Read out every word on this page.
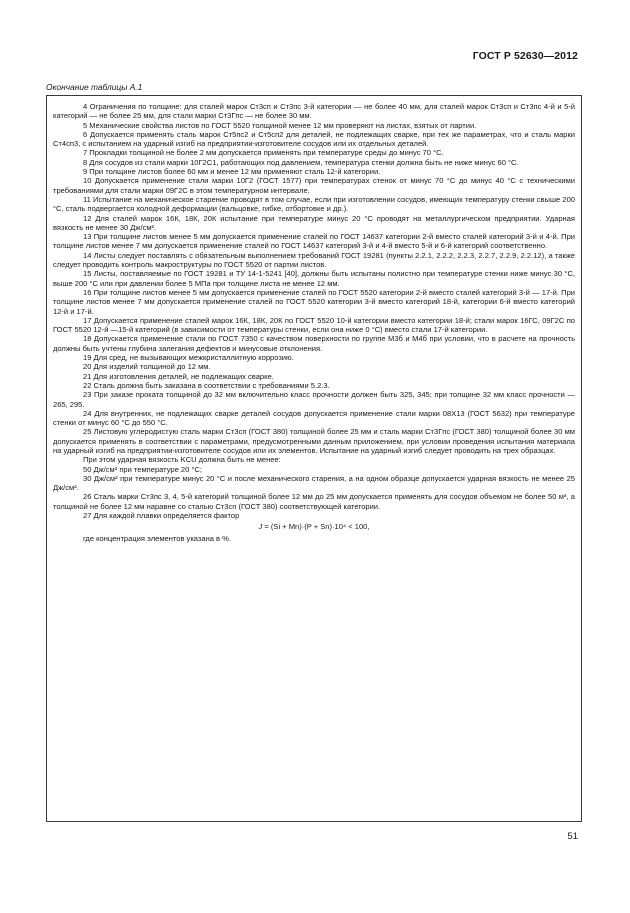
ГОСТ Р 52630—2012
Окончание таблицы А.1

4 Ограничения по толщине: для сталей марок Ст3сп и Ст3пс 3-й категории — не более 40 мм, для сталей марок Ст3сп и Ст3пс 4-й и 5-й категорий — не более 25 мм, для стали марки Ст3Гпс — не более 30 мм.

5 Механические свойства листов по ГОСТ 5520 толщиной менее 12 мм проверяют на листах, взятых от партии.

6 Допускается применять сталь марок Ст5пс2 и Ст5сп2 для деталей, не подлежащих сварке, при тех же параметрах, что и сталь марки Ст4сп3, с испытанием на ударный изгиб на предприятии-изготовителе сосудов или их отдельных деталей.

7 Прокладки толщиной не более 2 мм допускается применять при температуре среды до минус 70 °С.

8 Для сосудов из стали марки 10Г2С1, работающих под давлением, температура стенки должна быть не ниже минус 60 °С.

9 При толщине листов более 60 мм и менее 12 мм применяют сталь 12-й категории.

10 Допускается применение стали марки 10Г2 (ГОСТ 1577) при температурах стенок от минус 70 °С до минус 40 °С с техническими требованиями для стали марки 09Г2С в этом температурном интервале.

11 Испытание на механическое старение проводят в том случае, если при изготовлении сосудов, имеющих температуру стенки свыше 200 °С, сталь подвергается холодной деформации (вальцовке, гибке, отбортовке и др.).

12 Для сталей марок 16К, 18К, 20К испытание при температуре минус 20 °С проводят на металлургическом предприятии. Ударная вязкость не менее 30 Дж/см².

13 При толщине листов менее 5 мм допускается применение сталей по ГОСТ 14637 категории 2-й вместо сталей категорий 3-й и 4-й. При толщине листов менее 7 мм допускается применение сталей по ГОСТ 14637 категорий 3-й и 4-й вместо 5-й и 6-й категорий соответственно.

14 Листы следует поставлять с обязательным выполнением требований ГОСТ 19281 (пункты 2.2.1, 2.2.2, 2.2.3, 2.2.7, 2.2.9, 2.2.12), а также следует проводить контроль макроструктуры по ГОСТ 5520 от партии листов.

15 Листы, поставляемые по ГОСТ 19281 и ТУ 14-1-5241 [40], должны быть испытаны полистно при температуре стенки ниже минус 30 °С, выше 200 °С или при давлении более 5 МПа при толщине листа не менее 12 мм.

16 При толщине листов менее 5 мм допускается применение сталей по ГОСТ 5520 категории 2-й вместо сталей категорий 3-й — 17-й. При толщине листов менее 7 мм допускается применение сталей по ГОСТ 5520 категории 3-й вместо категорий 18-й, категории 6-й вместо категорий 12-й и 17-й.

17 Допускается применение сталей марок 16К, 18К, 20К по ГОСТ 5520 10-й категории вместо категории 18-й; стали марок 16ГС, 09Г2С по ГОСТ 5520 12-й —15-й категорий (в зависимости от температуры стенки, если она ниже 0 °С) вместо стали 17-й категории.

18 Допускается применение стали по ГОСТ 7350 с качеством поверхности по группе М3б и М4б при условии, что в расчете на прочность должны быть учтены глубина залегания дефектов и минусовые отклонения.

19 Для сред, не вызывающих межкристаллитную коррозию.

20 Для изделий толщиной до 12 мм.

21 Для изготовления деталей, не подлежащих сварке.

22 Сталь должна быть заказана в соответствии с требованиями 5.2.3.

23 При заказе проката толщиной до 32 мм включительно класс прочности должен быть 325, 345; при толщине 32 мм класс прочности — 265, 295.

24 Для внутренних, не подлежащих сварке деталей сосудов допускается применение стали марки 08Х13 (ГОСТ 5632) при температуре стенки от минус 60 °С до 550 °С.

25 Листовую углеродистую сталь марки Ст3сп (ГОСТ 380) толщиной более 25 мм и сталь марки Ст3Гпс (ГОСТ 380) толщиной более 30 мм допускается применять в соответствии с параметрами, предусмотренными данным приложением, при условии проведения испытания материала на ударный изгиб на предприятии-изготовителе сосудов или их элементов. Испытание на ударный изгиб следует проводить на трех образцах.

При этом ударная вязкость KCU должна быть не менее:

50 Дж/см² при температуре 20 °С;

30 Дж/см² при температуре минус 20 °С и после механического старения, а на одном образце допускается ударная вязкость не менее 25 Дж/см².

26 Сталь марки Ст3пс 3, 4, 5-й категорий толщиной более 12 мм до 25 мм допускается применять для сосудов объемом не более 50 м³, а толщиной не более 12 мм наравне со сталью Ст3сп (ГОСТ 380) соответствующей категории.

27 Для каждой плавки определяется фактор

J = (Si + Mn)·(P + Sn)·10⁴ < 100,

где концентрация элементов указана в %.

51
